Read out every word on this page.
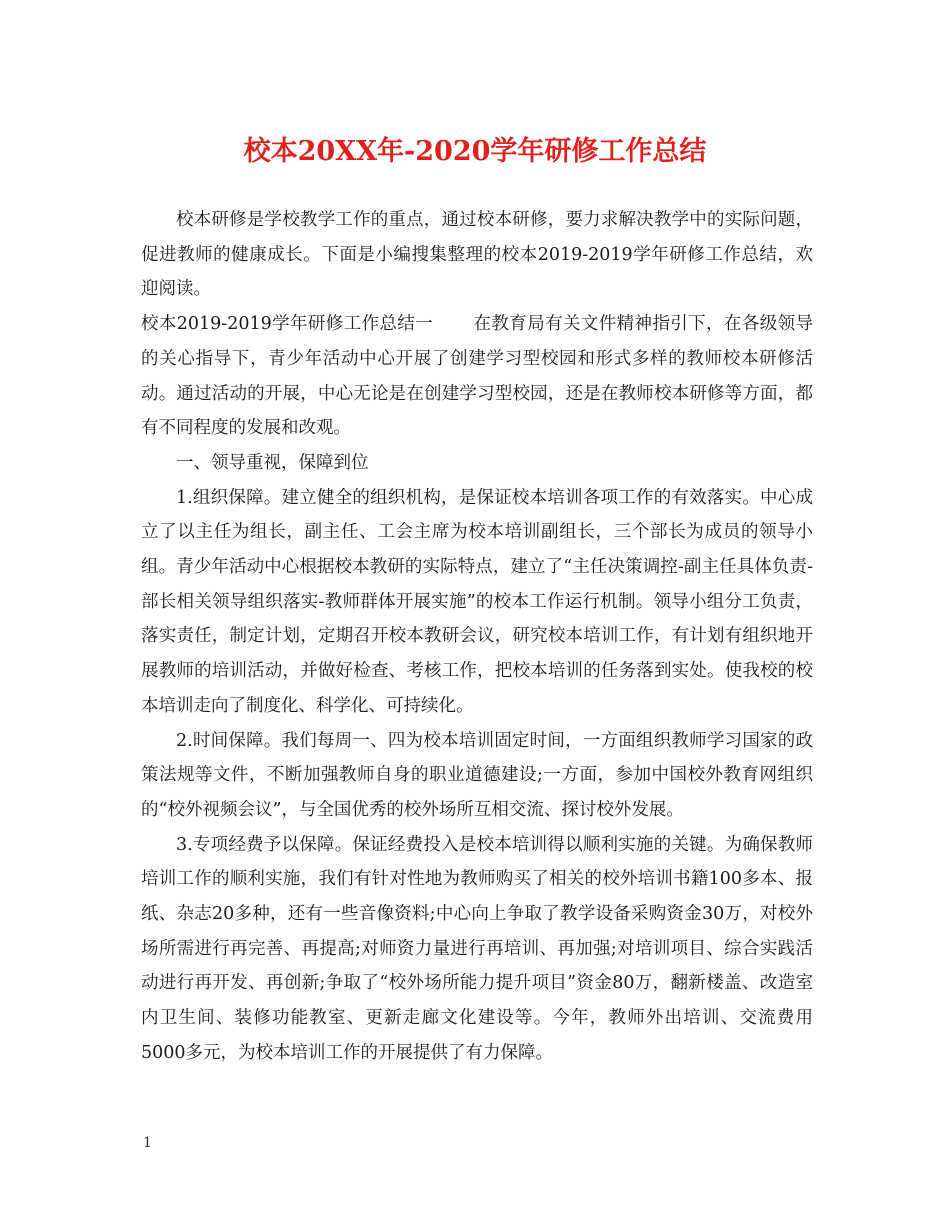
校本20XX年-2020学年研修工作总结

校本研修是学校教学工作的重点，通过校本研修，要力求解决教学中的实际问题，促进教师的健康成长。下面是小编搜集整理的校本2019-2019学年研修工作总结，欢迎阅读。

校本2019-2019学年研修工作总结一 在教育局有关文件精神指引下，在各级领导的关心指导下，青少年活动中心开展了创建学习型校园和形式多样的教师校本研修活动。通过活动的开展，中心无论是在创建学习型校园，还是在教师校本研修等方面，都有不同程度的发展和改观。

一、领导重视，保障到位

1.组织保障。建立健全的组织机构，是保证校本培训各项工作的有效落实。中心成立了以主任为组长，副主任、工会主席为校本培训副组长，三个部长为成员的领导小组。青少年活动中心根据校本教研的实际特点，建立了“主任决策调控-副主任具体负责-部长相关领导组织落实-教师群体开展实施”的校本工作运行机制。领导小组分工负责，落实责任，制定计划，定期召开校本教研会议，研究校本培训工作，有计划有组织地开展教师的培训活动，并做好检查、考核工作，把校本培训的任务落到实处。使我校的校本培训走向了制度化、科学化、可持续化。

2.时间保障。我们每周一、四为校本培训固定时间，一方面组织教师学习国家的政策法规等文件，不断加强教师自身的职业道德建设;一方面，参加中国校外教育网组织的“校外视频会议”，与全国优秀的校外场所互相交流、探讨校外发展。

3.专项经费予以保障。保证经费投入是校本培训得以顺利实施的关键。为确保教师培训工作的顺利实施，我们有针对性地为教师购买了相关的校外培训书籍100多本、报纸、杂志20多种，还有一些音像资料;中心向上争取了教学设备采购资金30万，对校外场所需进行再完善、再提高;对师资力量进行再培训、再加强;对培训项目、综合实践活动进行再开发、再创新;争取了“校外场所能力提升项目”资金80万，翻新楼盖、改造室内卫生间、装修功能教室、更新走廊文化建设等。今年，教师外出培训、交流费用5000多元，为校本培训工作的开展提供了有力保障。

1
